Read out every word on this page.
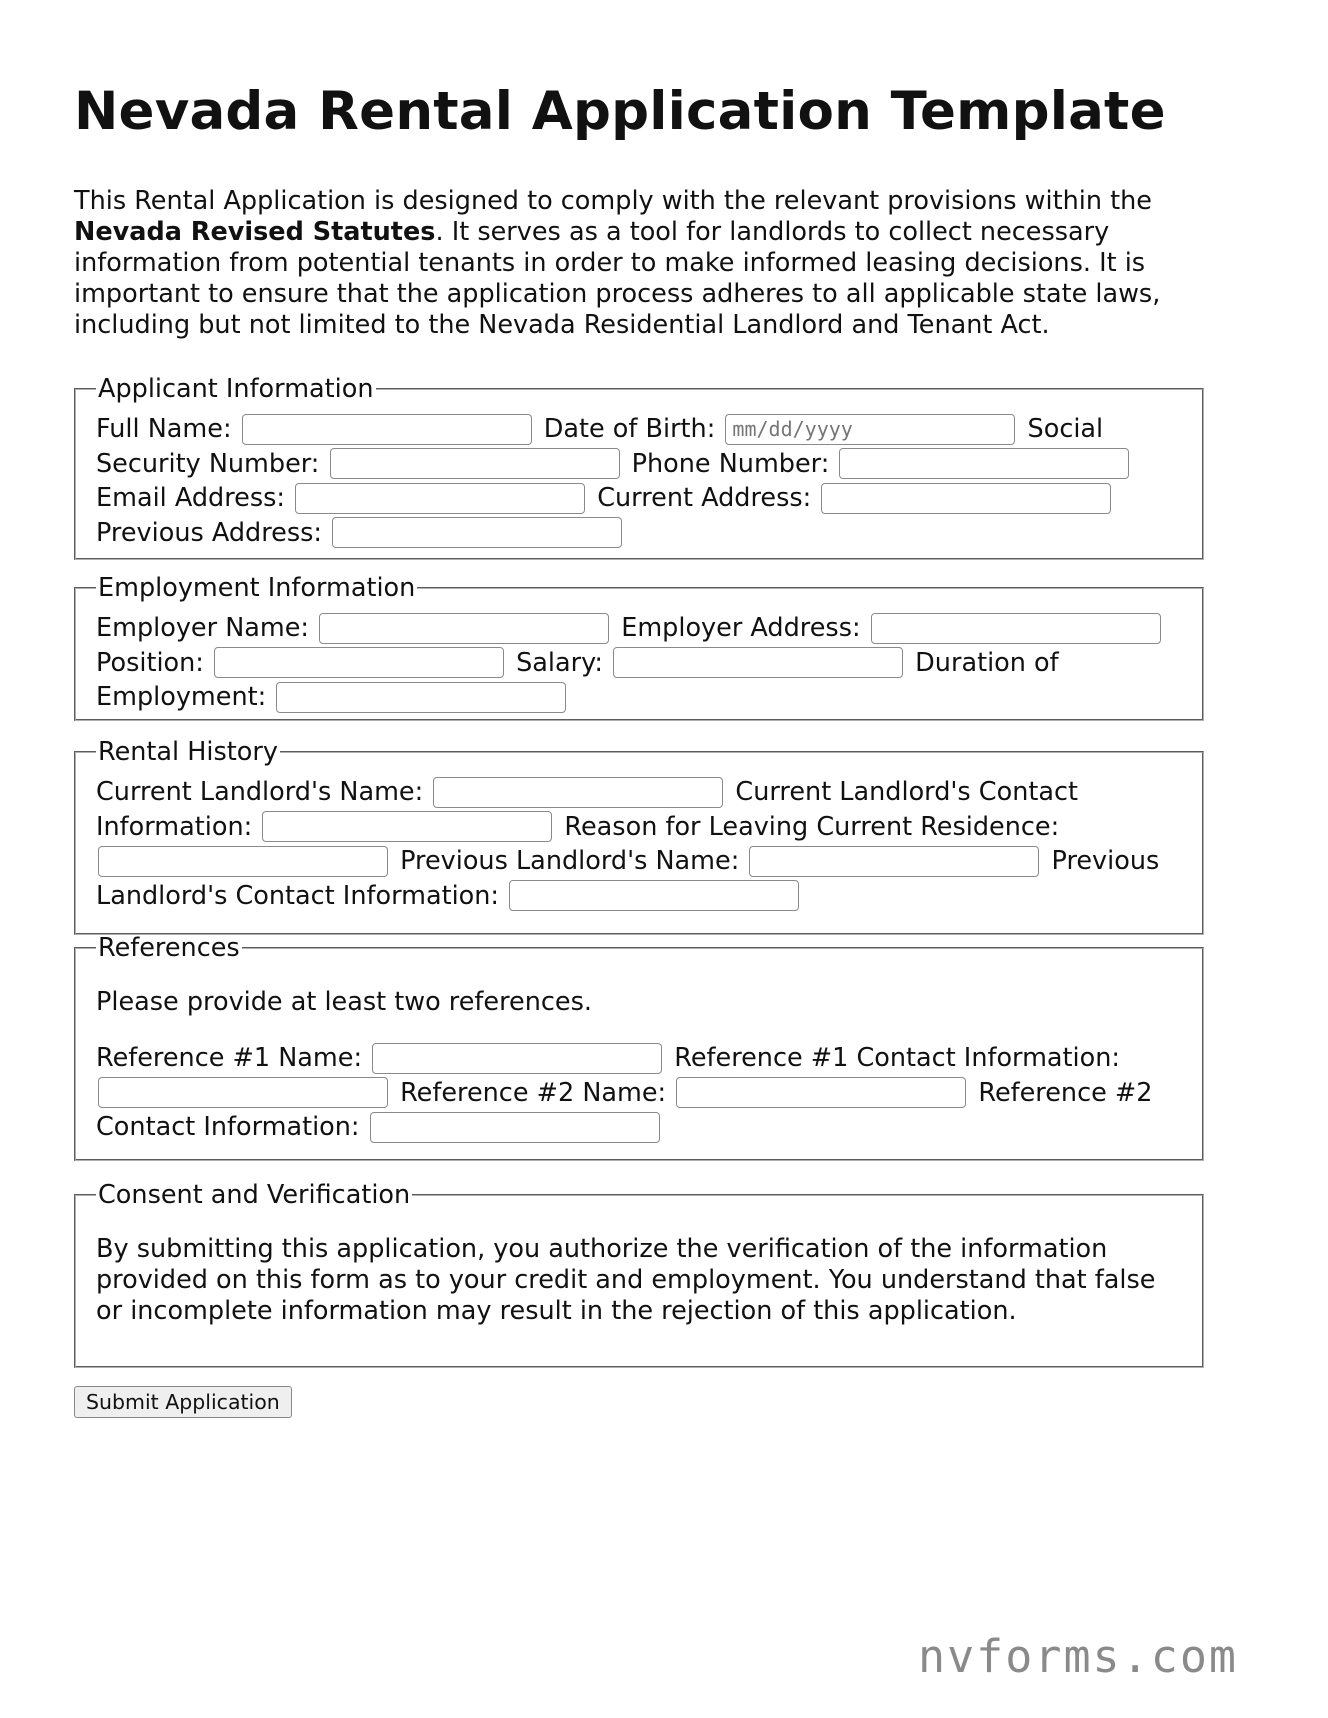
Nevada Rental Application Template

This Rental Application is designed to comply with the relevant provisions within the Nevada Revised Statutes. It serves as a tool for landlords to collect necessary information from potential tenants in order to make informed leasing decisions. It is important to ensure that the application process adheres to all applicable state laws, including but not limited to the Nevada Residential Landlord and Tenant Act.

Applicant Information
Full Name:	Date of Birth: mm/dd/yyyy	Social Security Number:	Phone Number:  Email Address:	Current Address:  Previous Address:
Employment Information
Employer Name:	Employer Address:  Position:	Salary:	Duration of Employment:
Rental History
Current Landlord's Name:	Current Landlord's Contact Information:	Reason for Leaving Current Residence:  Previous Landlord's Name:	Previous Landlord's Contact Information:
References

Please provide at least two references.

Reference #1 Name:	Reference #1 Contact Information:  Reference #2 Name:	Reference #2 Contact Information:
Consent and Verification

By submitting this application, you authorize the verification of the information provided on this form as to your credit and employment. You understand that false or incomplete information may result in the rejection of this application.

Submit Application
nvforms.com
